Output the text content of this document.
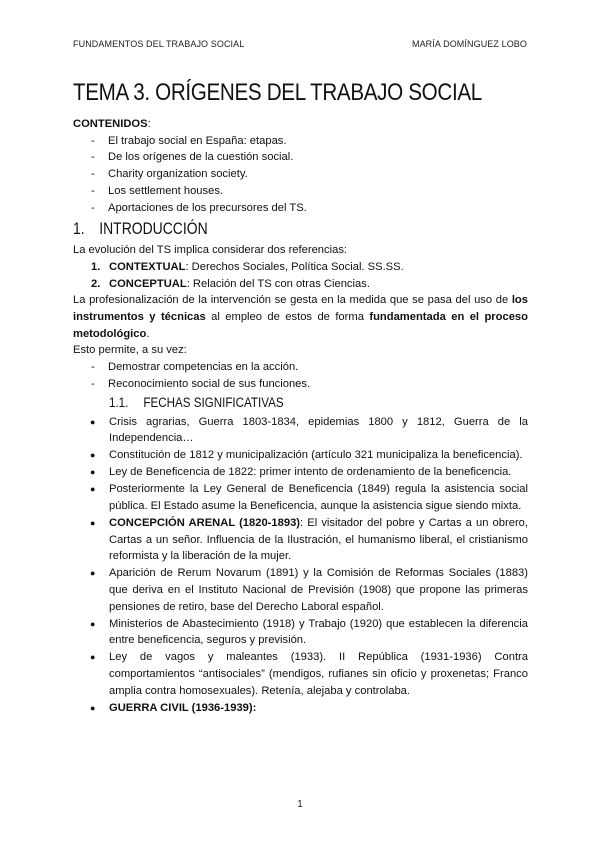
FUNDAMENTOS DEL TRABAJO SOCIAL	MARÍA DOMÍNGUEZ LOBO
TEMA 3. ORÍGENES DEL TRABAJO SOCIAL

CONTENIDOS:

- El trabajo social en España: etapas.
- De los orígenes de la cuestión social.
- Charity organization society.
- Los settlement houses.
- Aportaciones de los precursores del TS.
1. INTRODUCCIÓN

La evolución del TS implica considerar dos referencias:

1. CONTEXTUAL: Derechos Sociales, Política Social. SS.SS.
2. CONCEPTUAL: Relación del TS con otras Ciencias.

La profesionalización de la intervención se gesta en la medida que se pasa del uso de los instrumentos y técnicas al empleo de estos de forma fundamentada en el proceso metodológico.

Esto permite, a su vez:

- Demostrar competencias en la acción.
- Reconocimiento social de sus funciones.
1.1. FECHAS SIGNIFICATIVAS
● Crisis agrarias, Guerra 1803-1834, epidemias 1800 y 1812, Guerra de la Independencia…
● Constitución de 1812 y municipalización (artículo 321 municipaliza la beneficencia).
● Ley de Beneficencia de 1822: primer intento de ordenamiento de la beneficencia.
● Posteriormente la Ley General de Beneficencia (1849) regula la asistencia social pública. El Estado asume la Beneficencia, aunque la asistencia sigue siendo mixta.
● CONCEPCIÓN ARENAL (1820-1893): El visitador del pobre y Cartas a un obrero, Cartas a un señor. Influencia de la Ilustración, el humanismo liberal, el cristianismo reformista y la liberación de la mujer.
● Aparición de Rerum Novarum (1891) y la Comisión de Reformas Sociales (1883) que deriva en el Instituto Nacional de Previsión (1908) que propone las primeras pensiones de retiro, base del Derecho Laboral español.
● Ministerios de Abastecimiento (1918) y Trabajo (1920) que establecen la diferencia entre beneficencia, seguros y previsión.
● Ley de vagos y maleantes (1933). II República (1931-1936) Contra comportamientos “antisociales” (mendigos, rufianes sin oficio y proxenetas; Franco amplia contra homosexuales). Retenía, alejaba y controlaba.
● GUERRA CIVIL (1936-1939):
1
